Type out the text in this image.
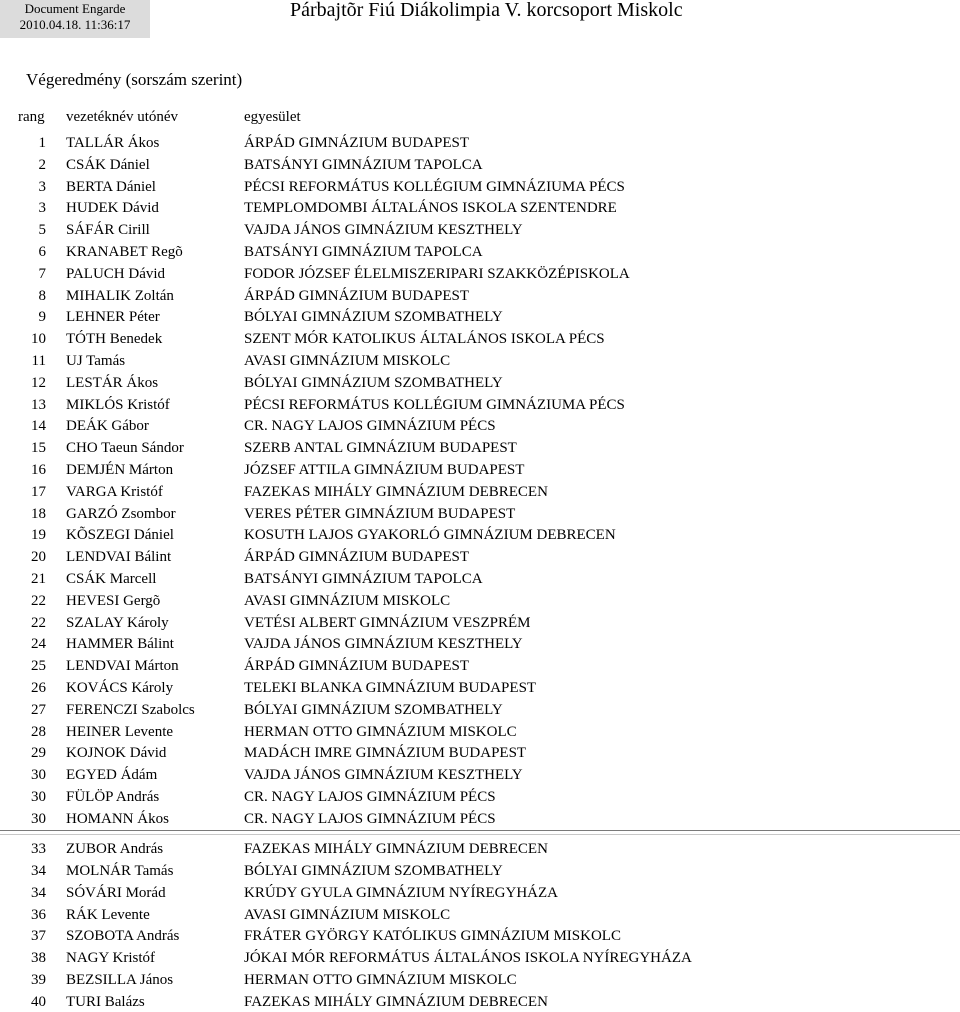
Document Engarde
2010.04.18. 11:36:17
Párbajtõr Fiú Diákolimpia V. korcsoport Miskolc
Végeredmény (sorszám szerint)
rang vezetéknév utónév	egyesület
1 TALLÁR Ákos	ÁRPÁD GIMNÁZIUM BUDAPEST
2 CSÁK Dániel	BATSÁNYI GIMNÁZIUM TAPOLCA
3 BERTA Dániel	PÉCSI REFORMÁTUS KOLLÉGIUM GIMNÁZIUMA PÉCS
3 HUDEK Dávid	TEMPLOMDOMBI ÁLTALÁNOS ISKOLA SZENTENDRE
5 SÁFÁR Cirill	VAJDA JÁNOS GIMNÁZIUM KESZTHELY
6 KRANABET Regõ	BATSÁNYI GIMNÁZIUM TAPOLCA
7 PALUCH Dávid	FODOR JÓZSEF ÉLELMISZERIPARI SZAKKÖZÉPISKOLA
8 MIHALIK Zoltán	ÁRPÁD GIMNÁZIUM BUDAPEST
9 LEHNER Péter	BÓLYAI GIMNÁZIUM SZOMBATHELY
10 TÓTH Benedek	SZENT MÓR KATOLIKUS ÁLTALÁNOS ISKOLA PÉCS
11 UJ Tamás	AVASI GIMNÁZIUM MISKOLC
12 LESTÁR Ákos	BÓLYAI GIMNÁZIUM SZOMBATHELY
13 MIKLÓS Kristóf	PÉCSI REFORMÁTUS KOLLÉGIUM GIMNÁZIUMA PÉCS
14 DEÁK Gábor	CR. NAGY LAJOS GIMNÁZIUM PÉCS
15 CHO Taeun Sándor	SZERB ANTAL GIMNÁZIUM BUDAPEST
16 DEMJÉN Márton	JÓZSEF ATTILA GIMNÁZIUM BUDAPEST
17 VARGA Kristóf	FAZEKAS MIHÁLY GIMNÁZIUM DEBRECEN
18 GARZÓ Zsombor	VERES PÉTER GIMNÁZIUM BUDAPEST
19 KÕSZEGI Dániel	KOSUTH LAJOS GYAKORLÓ GIMNÁZIUM DEBRECEN
20 LENDVAI Bálint	ÁRPÁD GIMNÁZIUM BUDAPEST
21 CSÁK Marcell	BATSÁNYI GIMNÁZIUM TAPOLCA
22 HEVESI Gergõ	AVASI GIMNÁZIUM MISKOLC
22 SZALAY Károly	VETÉSI ALBERT GIMNÁZIUM VESZPRÉM
24 HAMMER Bálint	VAJDA JÁNOS GIMNÁZIUM KESZTHELY
25 LENDVAI Márton	ÁRPÁD GIMNÁZIUM BUDAPEST
26 KOVÁCS Károly	TELEKI BLANKA GIMNÁZIUM BUDAPEST
27 FERENCZI Szabolcs	BÓLYAI GIMNÁZIUM SZOMBATHELY
28 HEINER Levente	HERMAN OTTO GIMNÁZIUM MISKOLC
29 KOJNOK Dávid	MADÁCH IMRE GIMNÁZIUM BUDAPEST
30 EGYED Ádám	VAJDA JÁNOS GIMNÁZIUM KESZTHELY
30 FÜLÖP András	CR. NAGY LAJOS GIMNÁZIUM PÉCS
30 HOMANN Ákos	CR. NAGY LAJOS GIMNÁZIUM PÉCS
33 ZUBOR András	FAZEKAS MIHÁLY GIMNÁZIUM DEBRECEN
34 MOLNÁR Tamás	BÓLYAI GIMNÁZIUM SZOMBATHELY
34 SÓVÁRI Morád	KRÚDY GYULA GIMNÁZIUM NYÍREGYHÁZA
36 RÁK Levente	AVASI GIMNÁZIUM MISKOLC
37 SZOBOTA András	FRÁTER GYÖRGY KATÓLIKUS GIMNÁZIUM MISKOLC
38 NAGY Kristóf	JÓKAI MÓR REFORMÁTUS ÁLTALÁNOS ISKOLA NYÍREGYHÁZA
39 BEZSILLA János	HERMAN OTTO GIMNÁZIUM MISKOLC
40 TURI Balázs	FAZEKAS MIHÁLY GIMNÁZIUM DEBRECEN
